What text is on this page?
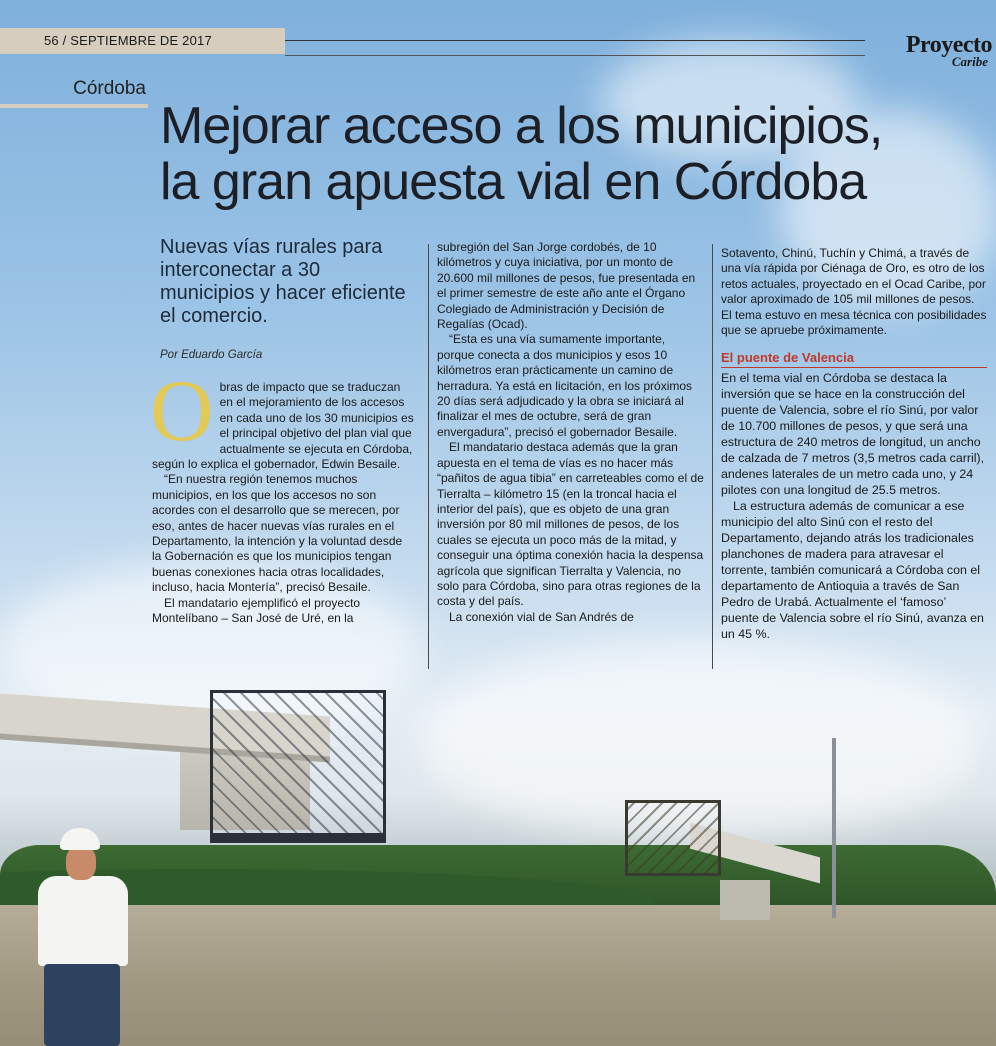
56 / SEPTIEMBRE DE 2017	Proyecto
Caribe
Córdoba
Mejorar acceso a los municipios,
la gran apuesta vial en Córdoba

Nuevas vías rurales para interconectar a 30 municipios y hacer eficiente el comercio.

Por Eduardo García
O bras de impacto que se traduczan en el mejoramiento de los accesos en cada uno de los 30 municipios es el principal objetivo del plan vial que actualmente se ejecuta en Córdoba, según lo explica el gobernador, Edwin Besaile.

“En nuestra región tenemos muchos municipios, en los que los accesos no son acordes con el desarrollo que se merecen, por eso, antes de hacer nuevas vías rurales en el Departamento, la intención y la voluntad desde la Gobernación es que los municipios tengan buenas conexiones hacia otras localidades, incluso, hacia Montería”, precisó Besaile.

El mandatario ejemplificó el proyecto Montelíbano – San José de Uré, en la

subregión del San Jorge cordobés, de 10 kilómetros y cuya iniciativa, por un monto de 20.600 mil millones de pesos, fue presentada en el primer semestre de este año ante el Órgano Colegiado de Administración y Decisión de Regalías (Ocad).

“Esta es una vía sumamente importante, porque conecta a dos municipios y esos 10 kilómetros eran prácticamente un camino de herradura. Ya está en licitación, en los próximos 20 días será adjudicado y la obra se iniciará al finalizar el mes de octubre, será de gran envergadura”, precisó el gobernador Besaile.

El mandatario destaca además que la gran apuesta en el tema de vías es no hacer más “pañitos de agua tibia” en carreteables como el de Tierralta – kilómetro 15 (en la troncal hacia el interior del país), que es objeto de una gran inversión por 80 mil millones de pesos, de los cuales se ejecuta un poco más de la mitad, y conseguir una óptima conexión hacia la despensa agrícola que significan Tierralta y Valencia, no solo para Córdoba, sino para otras regiones de la costa y del país.

La conexión vial de San Andrés de

Sotavento, Chinú, Tuchín y Chimá, a través de una vía rápida por Ciénaga de Oro, es otro de los retos actuales, proyectado en el Ocad Caribe, por valor aproximado de 105 mil millones de pesos. El tema estuvo en mesa técnica con posibilidades que se apruebe próximamente.

El puente de Valencia

En el tema vial en Córdoba se destaca la inversión que se hace en la construcción del puente de Valencia, sobre el río Sinú, por valor de 10.700 millones de pesos, y que será una estructura de 240 metros de longitud, un ancho de calzada de 7 metros (3,5 metros cada carril), andenes laterales de un metro cada uno, y 24 pilotes con una longitud de 25.5 metros.

La estructura además de comunicar a ese municipio del alto Sinú con el resto del Departamento, dejando atrás los tradicionales planchones de madera para atravesar el torrente, también comunicará a Córdoba con el departamento de Antioquia a través de San Pedro de Urabá. Actualmente el ‘famoso’ puente de Valencia sobre el río Sinú, avanza en un 45 %.
